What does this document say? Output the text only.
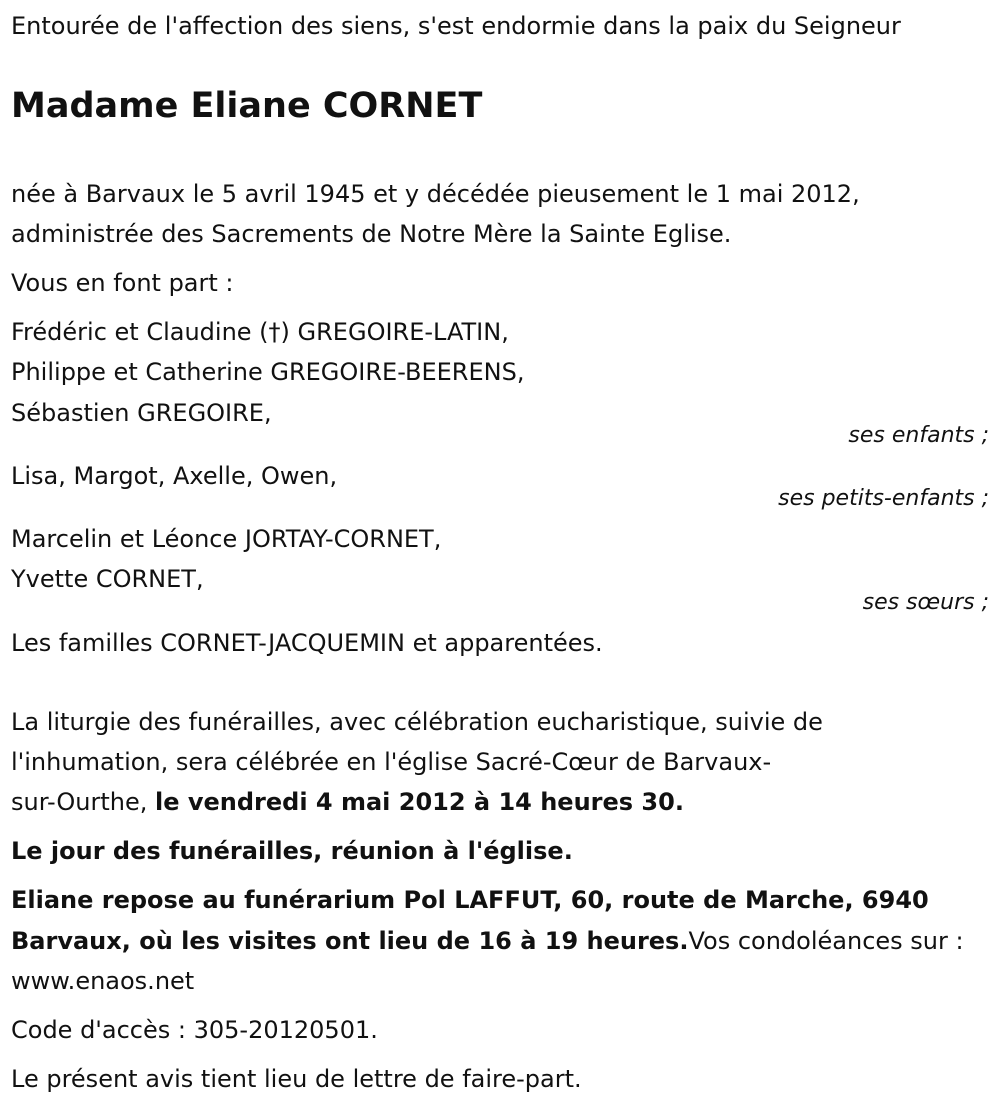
Entourée de l'affection des siens, s'est endormie dans la paix du Seigneur
Madame Eliane CORNET
née à Barvaux le 5 avril 1945 et y décédée pieusement le 1 mai 2012,
administrée des Sacrements de Notre Mère la Sainte Eglise.
Vous en font part :
Frédéric et Claudine (†) GREGOIRE-LATIN,
Philippe et Catherine GREGOIRE-BEERENS,
Sébastien GREGOIRE,
ses enfants ;
Lisa, Margot, Axelle, Owen,
ses petits-enfants ;
Marcelin et Léonce JORTAY-CORNET,
Yvette CORNET,
ses sœurs ;
Les familles CORNET-JACQUEMIN et apparentées.
La liturgie des funérailles, avec célébration eucharistique, suivie de
l'inhumation, sera célébrée en l'église Sacré-Cœur de Barvaux-
sur-Ourthe, le vendredi 4 mai 2012 à 14 heures 30.
Le jour des funérailles, réunion à l'église.
Eliane repose au funérarium Pol LAFFUT, 60, route de Marche, 6940
Barvaux, où les visites ont lieu de 16 à 19 heures.Vos condoléances sur :
www.enaos.net
Code d'accès : 305-20120501.
Le présent avis tient lieu de lettre de faire-part.
